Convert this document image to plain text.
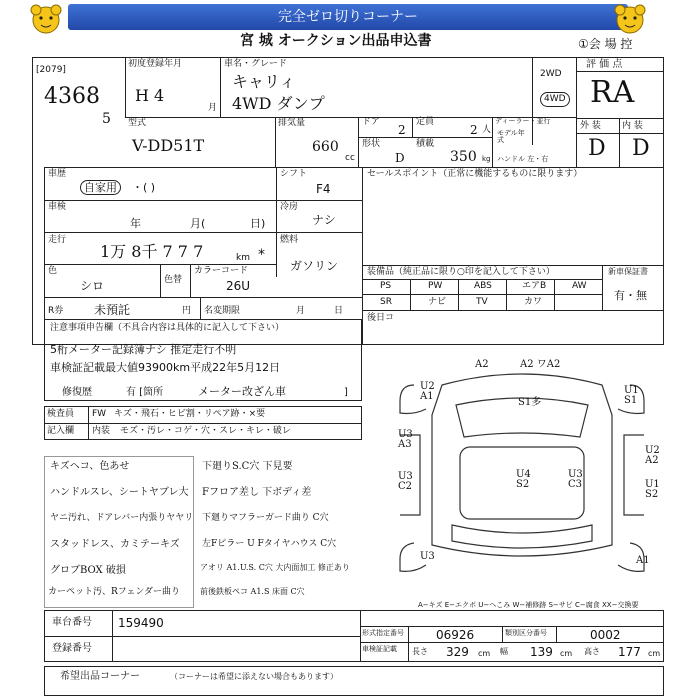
完全ゼロ切りコーナー
宮 城 オークション出品申込書	①会 場 控
[2079]
4368
5
初度登録年月
H 4
月
車名・グレード
キャリィ
4WD ダンプ
2WD
4WD
評 価 点
RA
外 装 内 装
D D
型式
V-DD51T
排気量
660
cc
ドア
2
定員
2 人
ディーラー・並行
モデル年式
ハンドル 左・右
形状
D
積載
350 kg
車歴
自家用	・( )
シフト
F4
セールスポイント（正常に機能するものに限ります）
車検
年	月(	日)
冷房
ナシ
走行
1万 8千 7 7 7	km *
燃料
ガソリン
色
シロ	色替
カラーコード
26U
装備品（純正品に限り○印を記入して下さい）	新車保証書
有・無
PS	PW	ABS	エアB	AW
SR	ナビ	TV	カワ
後日コ
R券	未預託	円 名変期限	月	日
注意事項申告欄（不具合内容は具体的に記入して下さい）
5桁メーター記録簿ナシ 推定走行不明
車検証記載最大値93900km平成22年5月12日
修復歴	有 [箇所	メーター改ざん車	]
検査員
記入欄
FW キズ・飛石・ヒビ割・リペア跡・×要
内装 モズ・汚レ・コゲ・穴・スレ・キレ・破レ
キズヘコ、色あせ
ハンドルスレ、シートヤブレ大
ヤニ汚れ、ドアレバー内張りヤヤリ
スタッドレス、カミテーキズ
グロブBOX 破損
カーペット汚、Rフェンダー曲り
下廻りS.C穴 下見要
Fフロア差し 下ボディ差
下廻りマフラーガード曲り C穴
左Fピラー U Fタイヤハウス C穴
アオリ A1.U.S. C穴 大内面加工 修正あり
前後鉄板ペコ A1.S 床面 C穴
A2	A2 ワA2
S1多
U2 A1
U1 S1
U3 A3
U2 A2
U3 C2	U1 S2
U4 S2
U3 C3
U3	A1
A−キズ E−エクボ U−へこみ W−補修跡 S−サビ C−腐食 XX−交換要
車台番号 159490
登録番号
形式指定番号	06926	類別区分番号	0002
車検証記載 長さ 329 cm 幅 139 cm 高さ 177 cm
希望出品コーナー	（コーナーは希望に添えない場合もあります）
